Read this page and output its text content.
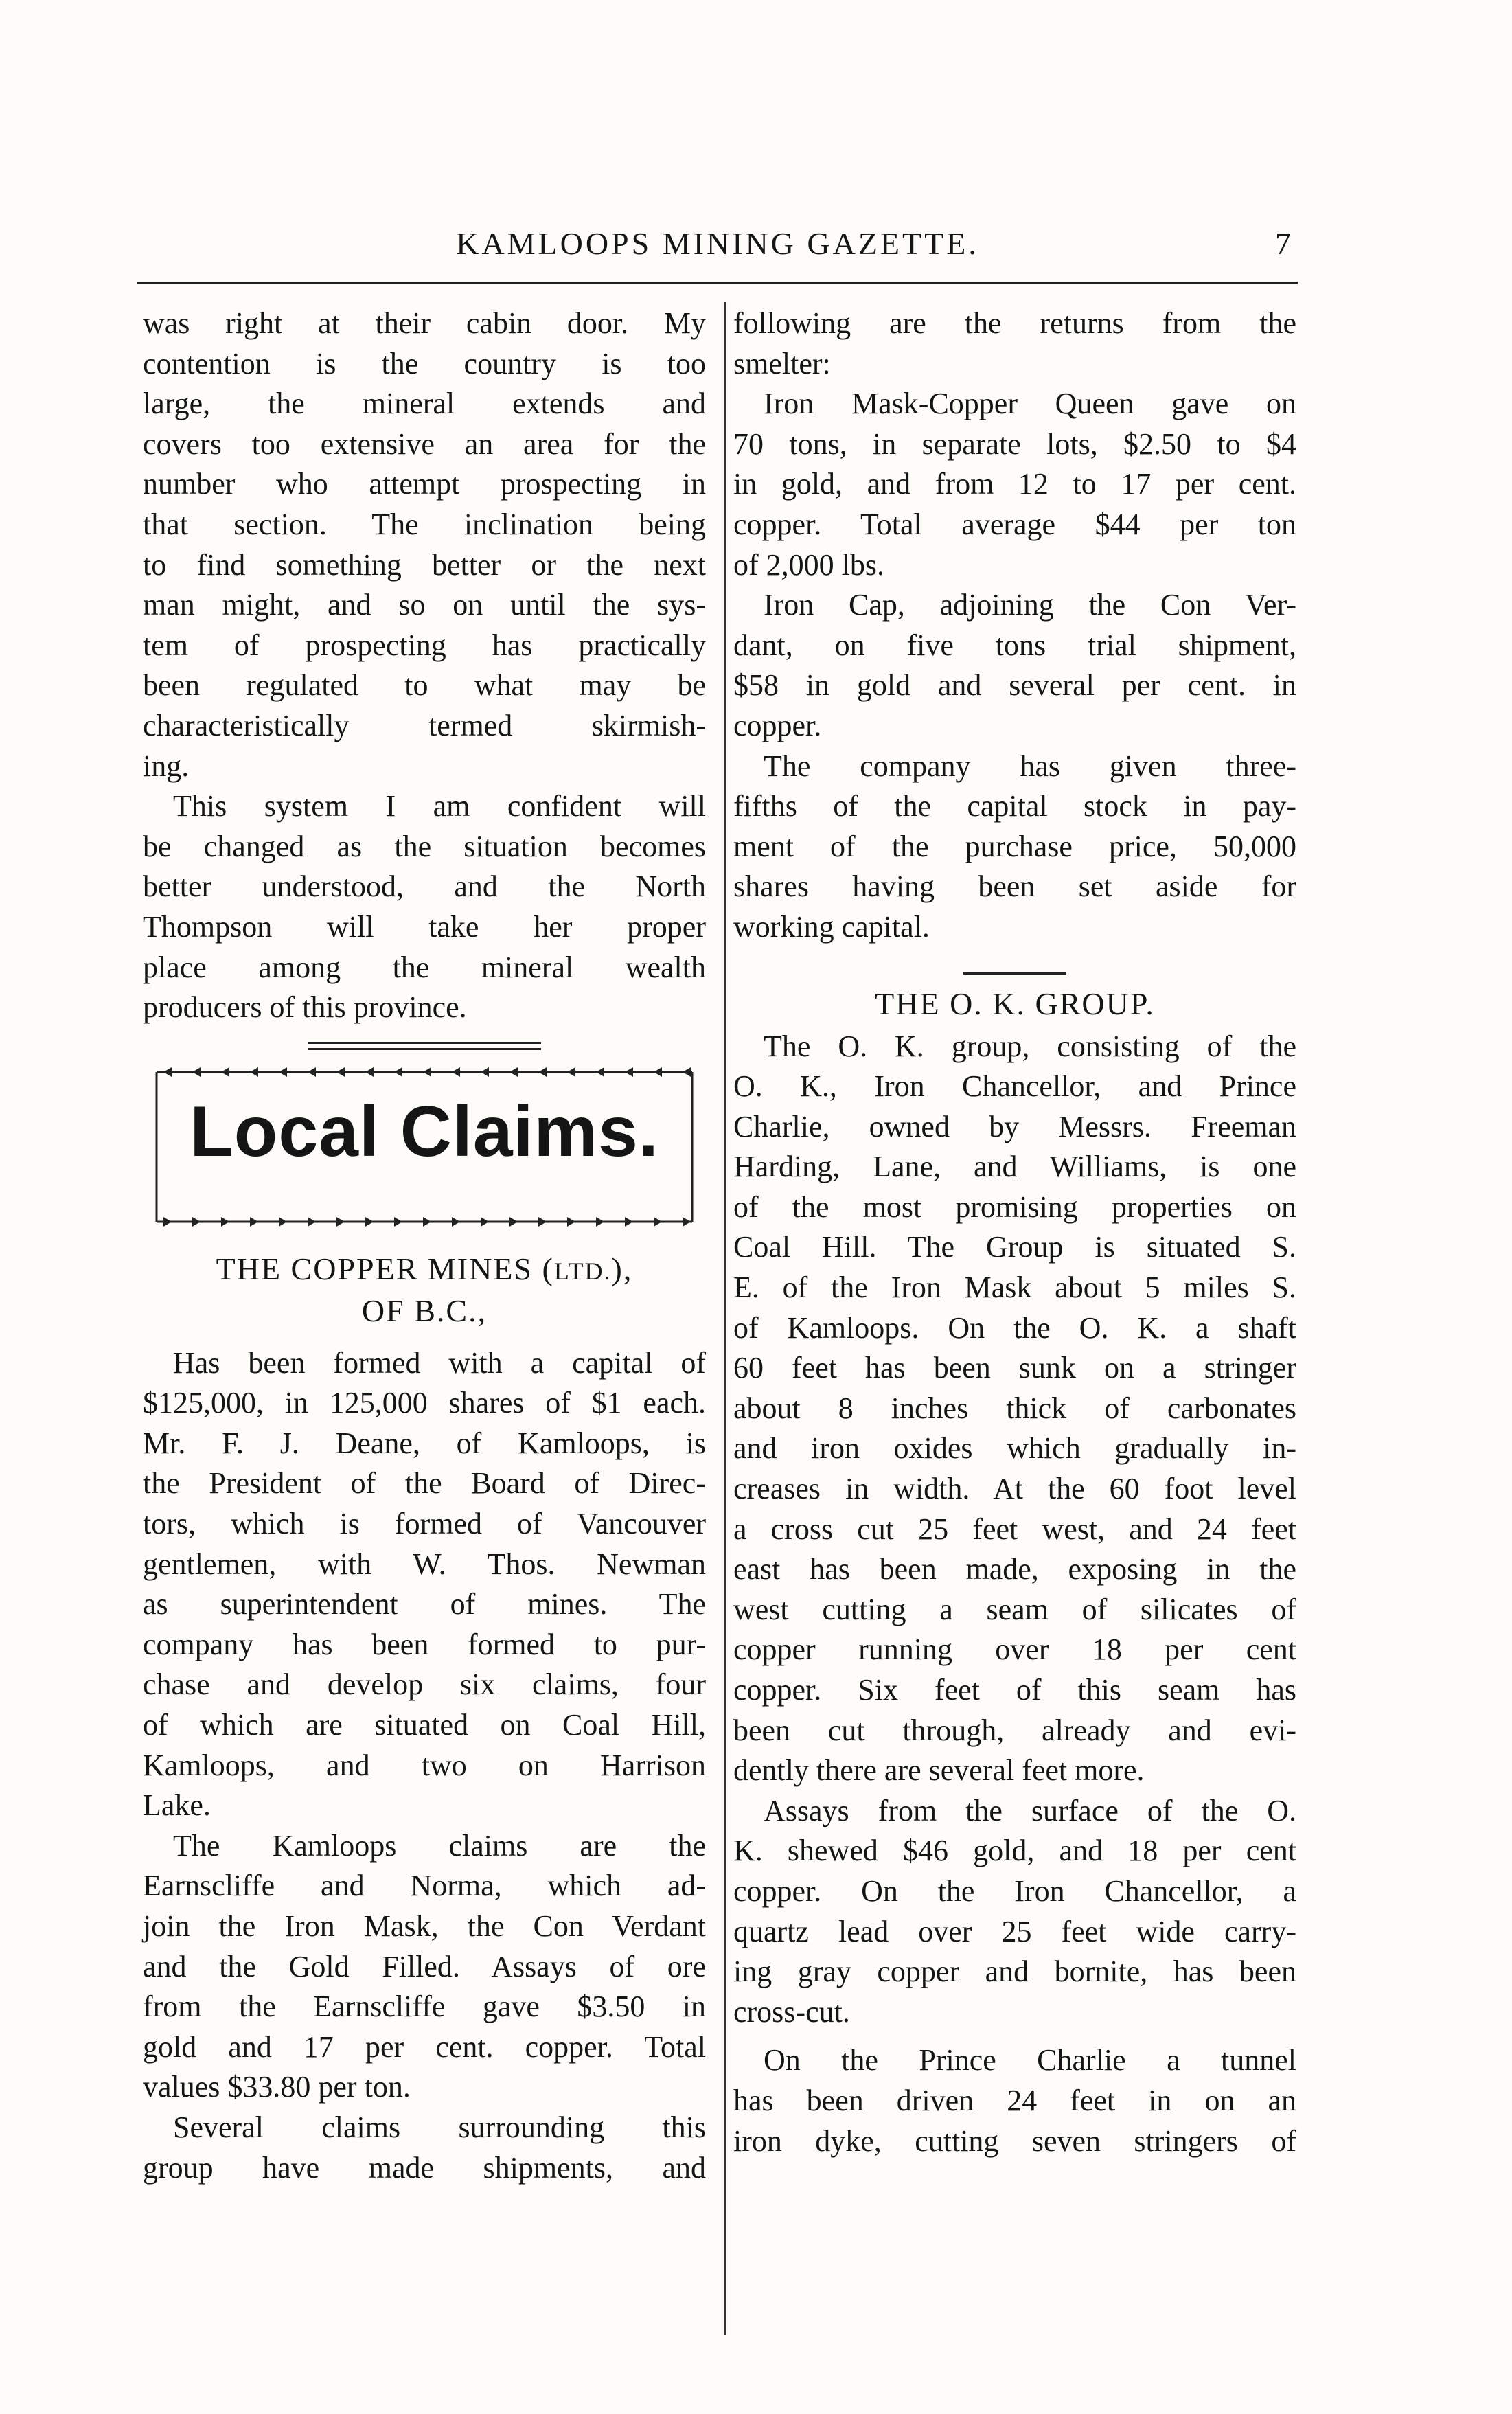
KAMLOOPS MINING GAZETTE.	7
was right at their cabin door. My
contention is the country is too
large, the mineral extends and
covers too extensive an area for the
number who attempt prospecting in
that section. The inclination being
to find something better or the next
man might, and so on until the sys-
tem of prospecting has practically
been regulated to what may be
characteristically termed skirmish-
ing.
This system I am confident will
be changed as the situation becomes
better understood, and the North
Thompson will take her proper
place among the mineral wealth
producers of this province.
Local Claims.
THE COPPER MINES (LTD.),
OF B.C.,
Has been formed with a capital of
$125,000, in 125,000 shares of $1 each.
Mr. F. J. Deane, of Kamloops, is
the President of the Board of Direc-
tors, which is formed of Vancouver
gentlemen, with W. Thos. Newman
as superintendent of mines. The
company has been formed to pur-
chase and develop six claims, four
of which are situated on Coal Hill,
Kamloops, and two on Harrison
Lake.
The Kamloops claims are the
Earnscliffe and Norma, which ad-
join the Iron Mask, the Con Verdant
and the Gold Filled. Assays of ore
from the Earnscliffe gave $3.50 in
gold and 17 per cent. copper. Total
values $33.80 per ton.
Several claims surrounding this
group have made shipments, and
following are the returns from the
smelter:
Iron Mask-Copper Queen gave on
70 tons, in separate lots, $2.50 to $4
in gold, and from 12 to 17 per cent.
copper. Total average $44 per ton
of 2,000 lbs.
Iron Cap, adjoining the Con Ver-
dant, on five tons trial shipment,
$58 in gold and several per cent. in
copper.
The company has given three-
fifths of the capital stock in pay-
ment of the purchase price, 50,000
shares having been set aside for
working capital.
THE O. K. GROUP.
The O. K. group, consisting of the
O. K., Iron Chancellor, and Prince
Charlie, owned by Messrs. Freeman
Harding, Lane, and Williams, is one
of the most promising properties on
Coal Hill. The Group is situated S.
E. of the Iron Mask about 5 miles S.
of Kamloops. On the O. K. a shaft
60 feet has been sunk on a stringer
about 8 inches thick of carbonates
and iron oxides which gradually in-
creases in width. At the 60 foot level
a cross cut 25 feet west, and 24 feet
east has been made, exposing in the
west cutting a seam of silicates of
copper running over 18 per cent
copper. Six feet of this seam has
been cut through, already and evi-
dently there are several feet more.
Assays from the surface of the O.
K. shewed $46 gold, and 18 per cent
copper. On the Iron Chancellor, a
quartz lead over 25 feet wide carry-
ing gray copper and bornite, has been
cross-cut.
On the Prince Charlie a tunnel
has been driven 24 feet in on an
iron dyke, cutting seven stringers of
